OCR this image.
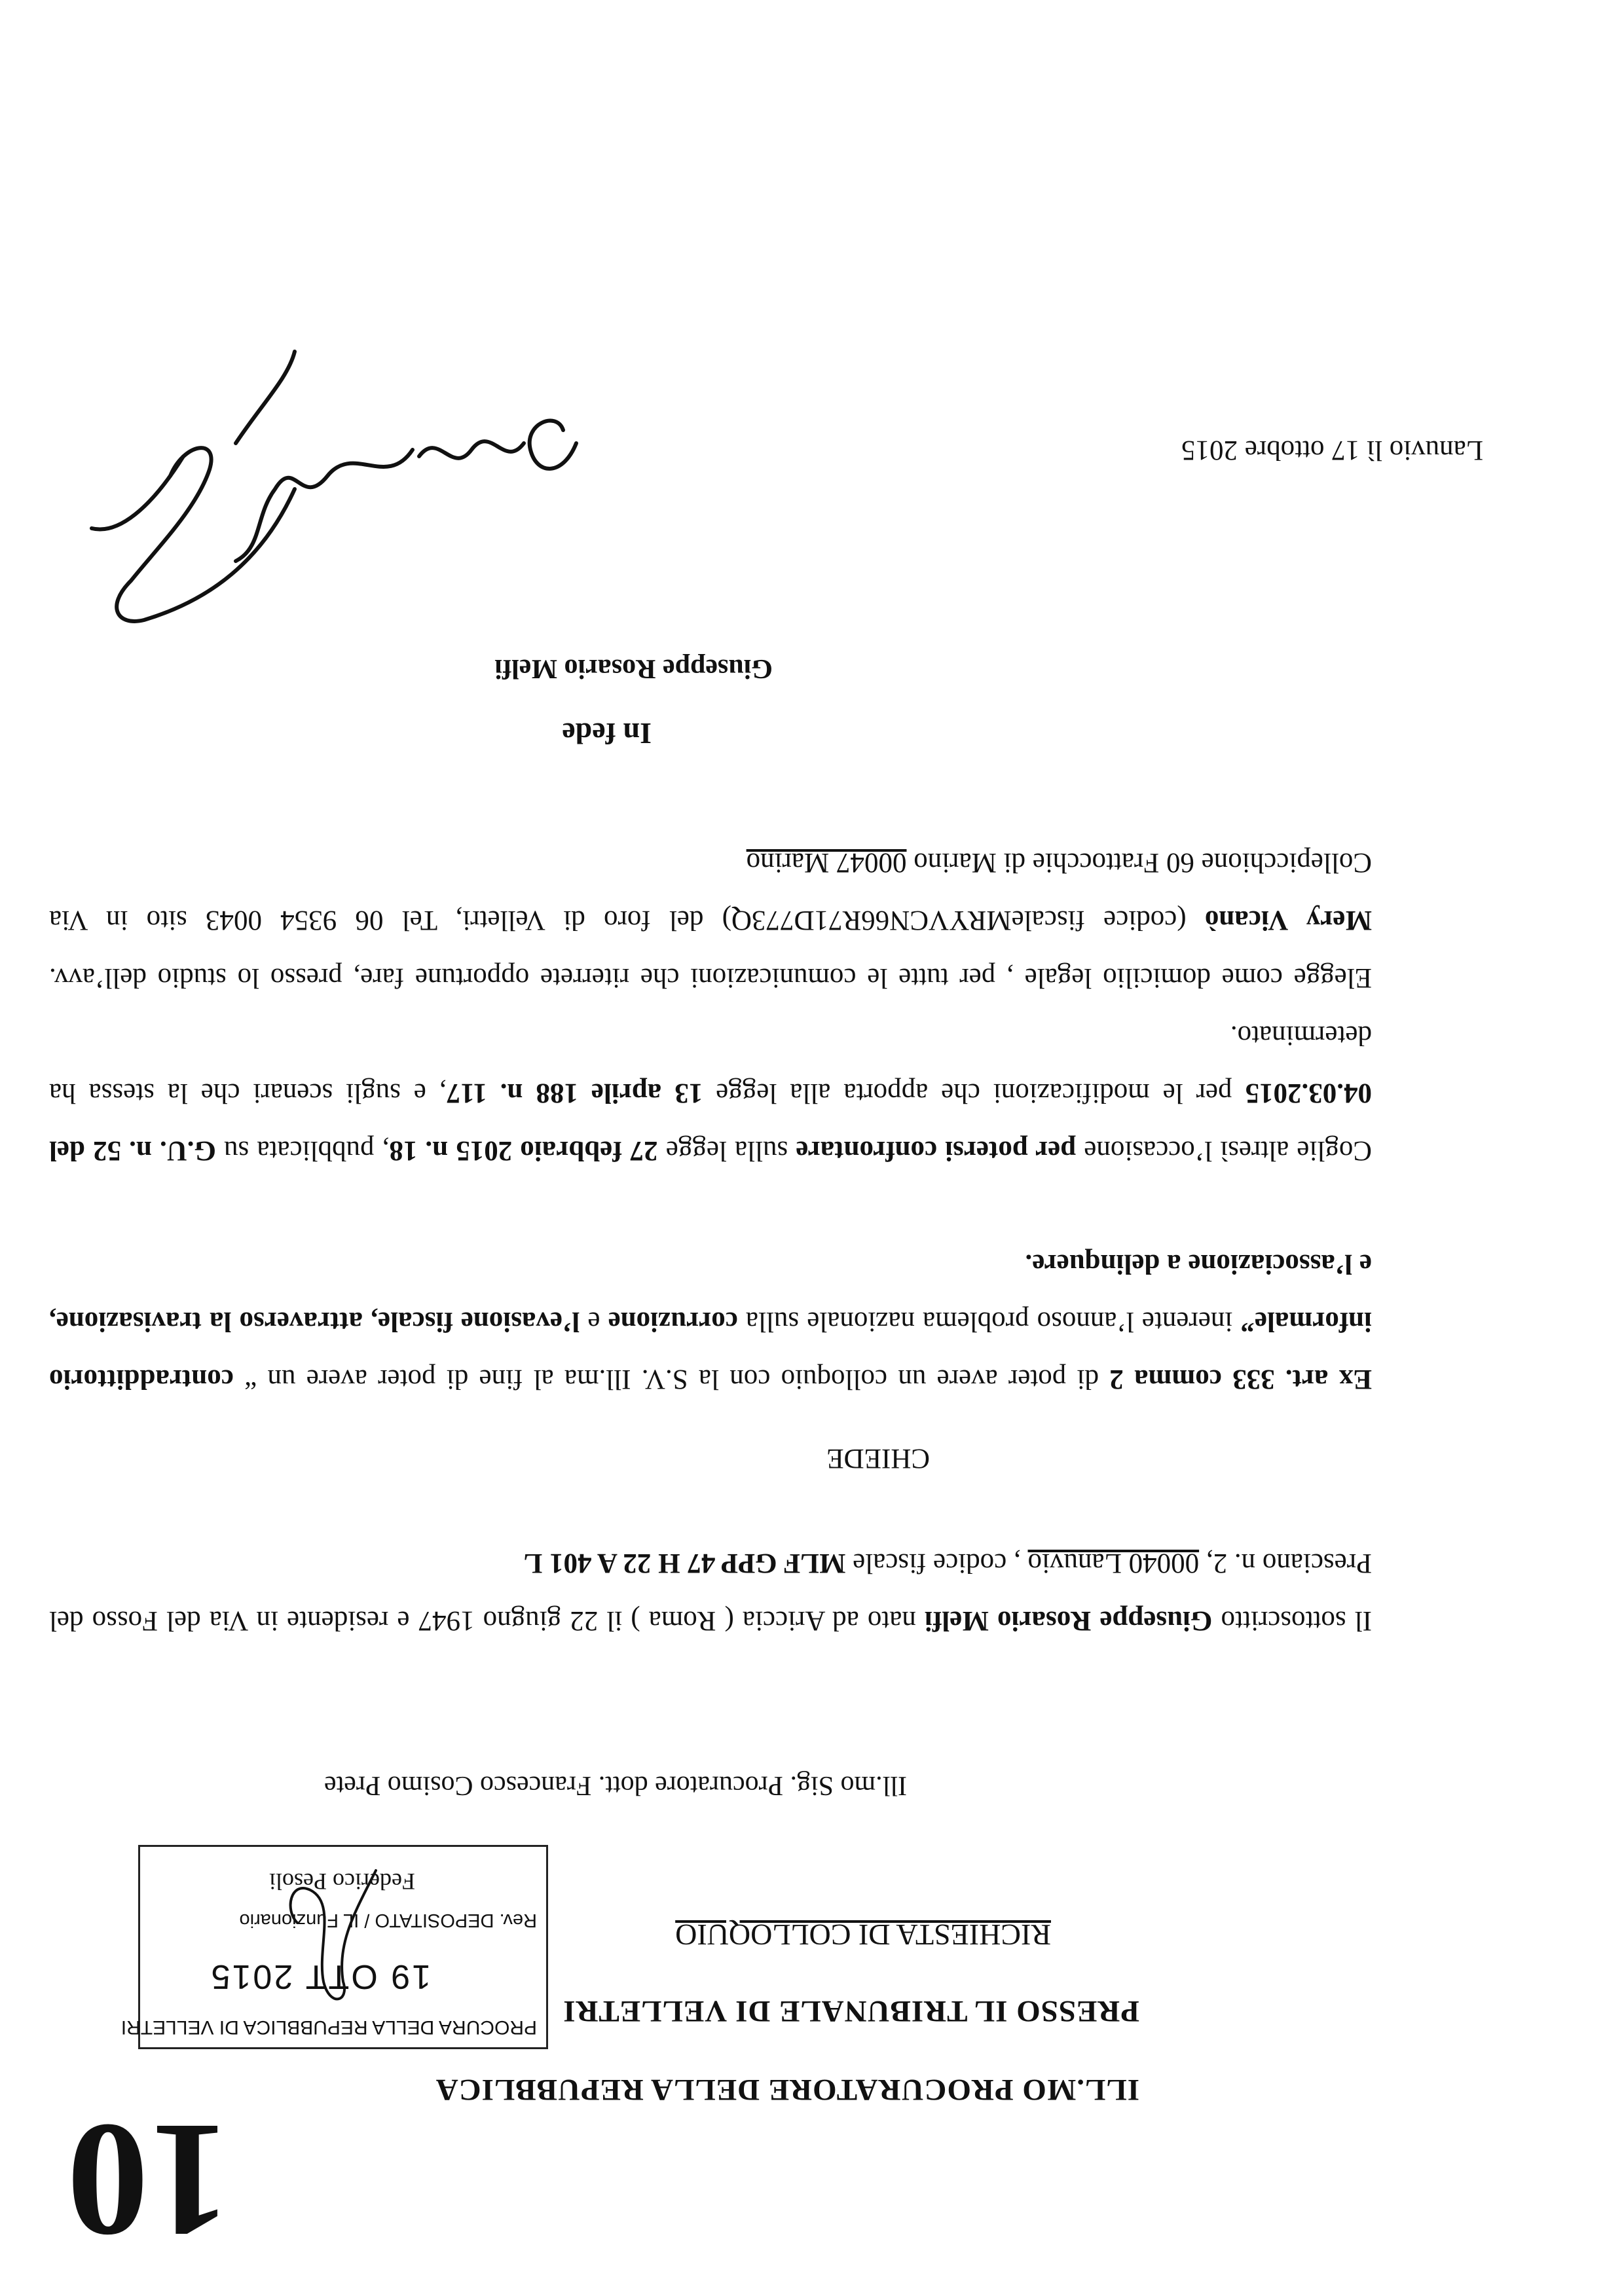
10	ILL.MO PROCURATORE DELLA REPUBBLICA
PRESSO IL TRIBUNALE DI VELLETRI
RICHIESTA DI COLLOQUIO
PROCURA DELLA REPUBBLICA DI VELLETRI
19 OTT 2015
Rev. DEPOSITATO / IL Funzionario
Federico Pesoli
Ill.mo Sig. Procuratore dott. Francesco Cosimo Prete
Il sottoscritto Giuseppe Rosario Melfi nato ad Ariccia ( Roma ) il 22 giugno 1947 e residente in Via del Fosso del Presciano n. 2, 00040 Lanuvio , codice fiscale MLF GPP 47 H 22 A 401 L
CHIEDE
Ex art. 333 comma 2 di poter avere un colloquio con la S.V. Ill.ma al fine di poter avere un “ contraddittorio informale” inerente l’annoso problema nazionale sulla corruzione e l’evasione fiscale, attraverso la travisazione, e l’associazione a delinquere.
Coglie altresì l’occasione per potersi confrontare sulla legge 27 febbraio 2015 n. 18, pubblicata su G.U. n. 52 del 04.03.2015 per le modificazioni che apporta alla legge 13 aprile 188 n. 117, e sugli scenari che la stessa ha determinato.
Elegge come domicilio legale , per tutte le comunicazioni che riterrete opportune fare, presso lo studio dell’avv. Mery Vicanò (codice fiscaleMRYVCN66R71D773Q) del foro di Velletri, Tel 06 9354 0043 sito in Via Collepicchione 60 Frattocchie di Marino 00047 Marino
In fede
Giuseppe Rosario Melfi
Lanuvio lì 17 ottobre 2015
